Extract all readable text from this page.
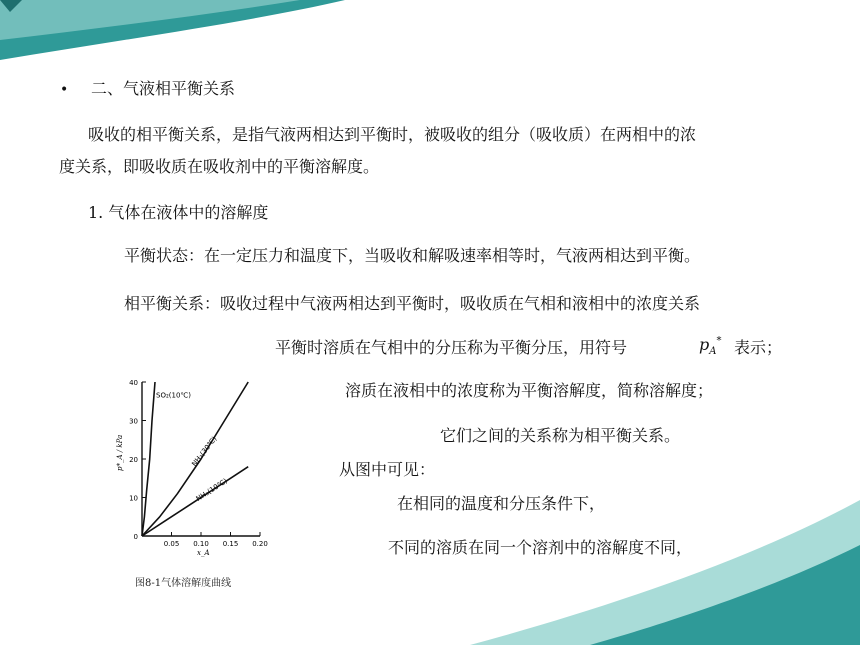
• 二、气液相平衡关系
吸收的相平衡关系，是指气液两相达到平衡时，被吸收的组分（吸收质）在两相中的浓
度关系，即吸收质在吸收剂中的平衡溶解度。
1. 气体在液体中的溶解度
平衡状态：在一定压力和温度下，当吸收和解吸速率相等时，气液两相达到平衡。
相平衡关系：吸收过程中气液两相达到平衡时，吸收质在气相和液相中的浓度关系
平衡时溶质在气相中的分压称为平衡分压，用符号	$p_A^*$ 表示；
溶质在液相中的浓度称为平衡溶解度，简称溶解度；
它们之间的关系称为相平衡关系。
从图中可见：
在相同的温度和分压条件下，
不同的溶质在同一个溶剂中的溶解度不同，
40
30
20
10
0
0.05 0.10 0.15 0.20
x_A
p*_A / kPa
SO₂(10℃)
NH₃(30℃)
NH₃(10℃)
图8-1气体溶解度曲线
